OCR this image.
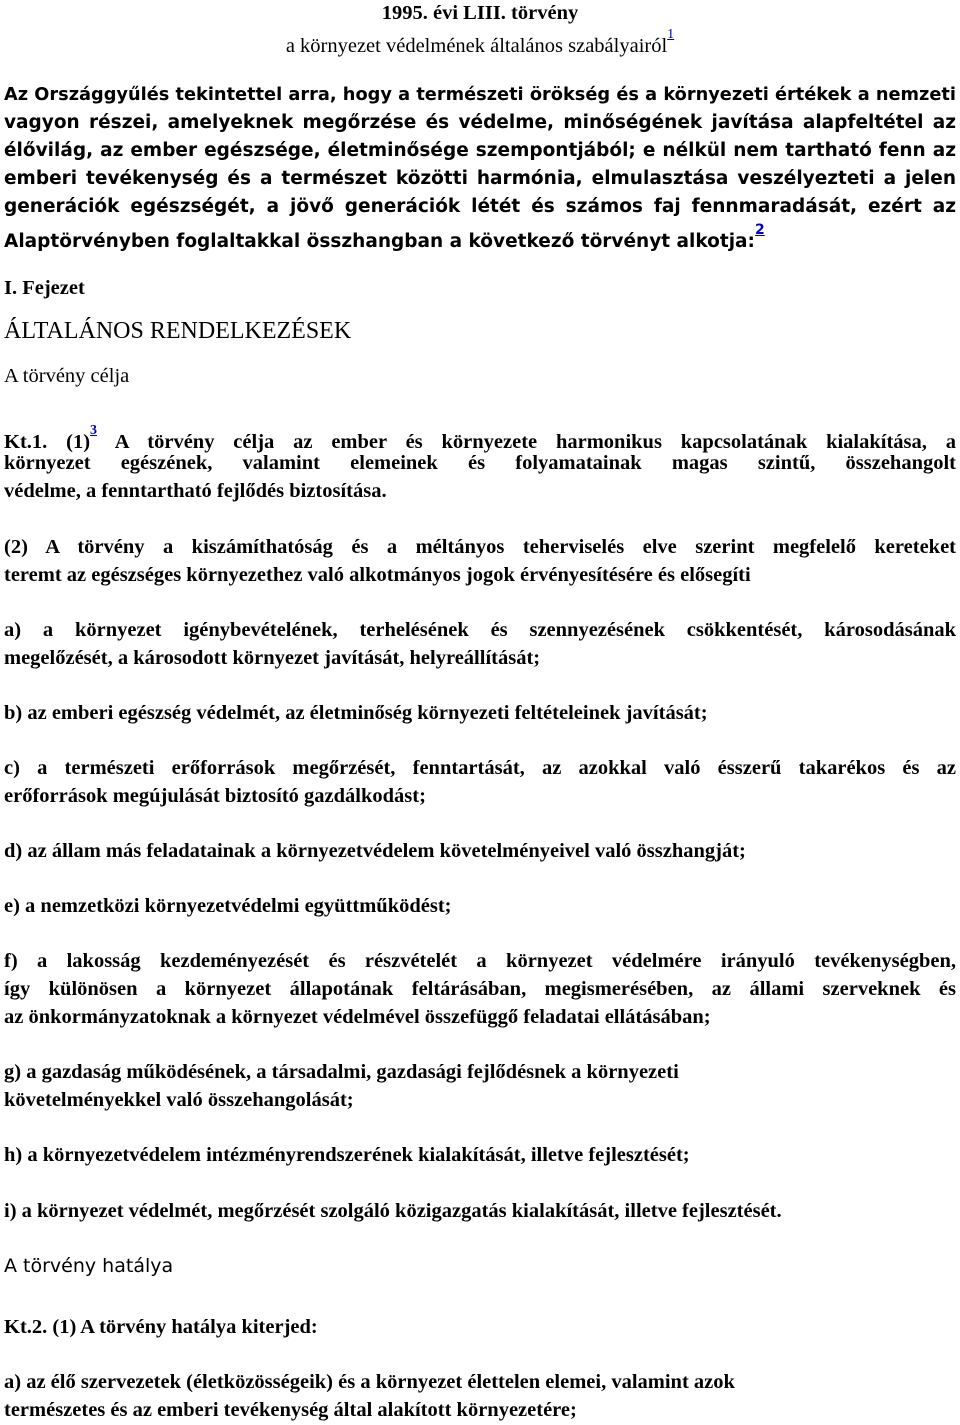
1995. évi LIII. törvény
a környezet védelmének általános szabályairól$^{^1}$
Az Országgyűlés tekintettel arra, hogy a természeti örökség és a környezeti értékek a nemzeti
vagyon részei, amelyeknek megőrzése és védelme, minőségének javítása alapfeltétel az
élővilág, az ember egészsége, életminősége szempontjából; e nélkül nem tartható fenn az
emberi tevékenység és a természet közötti harmónia, elmulasztása veszélyezteti a jelen
generációk egészségét, a jövő generációk létét és számos faj fennmaradását, ezért az
Alaptörvényben foglaltakkal összhangban a következő törvényt alkotja:$^2$
I. Fejezet
ÁLTALÁNOS RENDELKEZÉSEK
A törvény célja
Kt.1. $(1)^{^3}$ A törvény célja az ember és környezete harmonikus kapcsolatának kialakítása, a
környezet egészének, valamint elemeinek és folyamatainak magas szintű, összehangolt
védelme, a fenntartható fejlődés biztosítása.
(2) A törvény a kiszámíthatóság és a méltányos teherviselés elve szerint megfelelő kereteket
teremt az egészséges környezethez való alkotmányos jogok érvényesítésére és elősegíti
a) a környezet igénybevételének, terhelésének és szennyezésének csökkentését, károsodásának
megelőzését, a károsodott környezet javítását, helyreállítását;
b) az emberi egészség védelmét, az életminőség környezeti feltételeinek javítását;
c) a természeti erőforrások megőrzését, fenntartását, az azokkal való ésszerű takarékos és az
erőforrások megújulását biztosító gazdálkodást;
d) az állam más feladatainak a környezetvédelem követelményeivel való összhangját;
e) a nemzetközi környezetvédelmi együttműködést;
f) a lakosság kezdeményezését és részvételét a környezet védelmére irányuló tevékenységben,
így különösen a környezet állapotának feltárásában, megismerésében, az állami szerveknek és
az önkormányzatoknak a környezet védelmével összefüggő feladatai ellátásában;
g) a gazdaság működésének, a társadalmi, gazdasági fejlődésnek a környezeti
követelményekkel való összehangolását;
h) a környezetvédelem intézményrendszerének kialakítását, illetve fejlesztését;
i) a környezet védelmét, megőrzését szolgáló közigazgatás kialakítását, illetve fejlesztését.
A törvény hatálya
Kt.2. (1) A törvény hatálya kiterjed:
a) az élő szervezetek (életközösségeik) és a környezet élettelen elemei, valamint azok
természetes és az emberi tevékenység által alakított környezetére;
